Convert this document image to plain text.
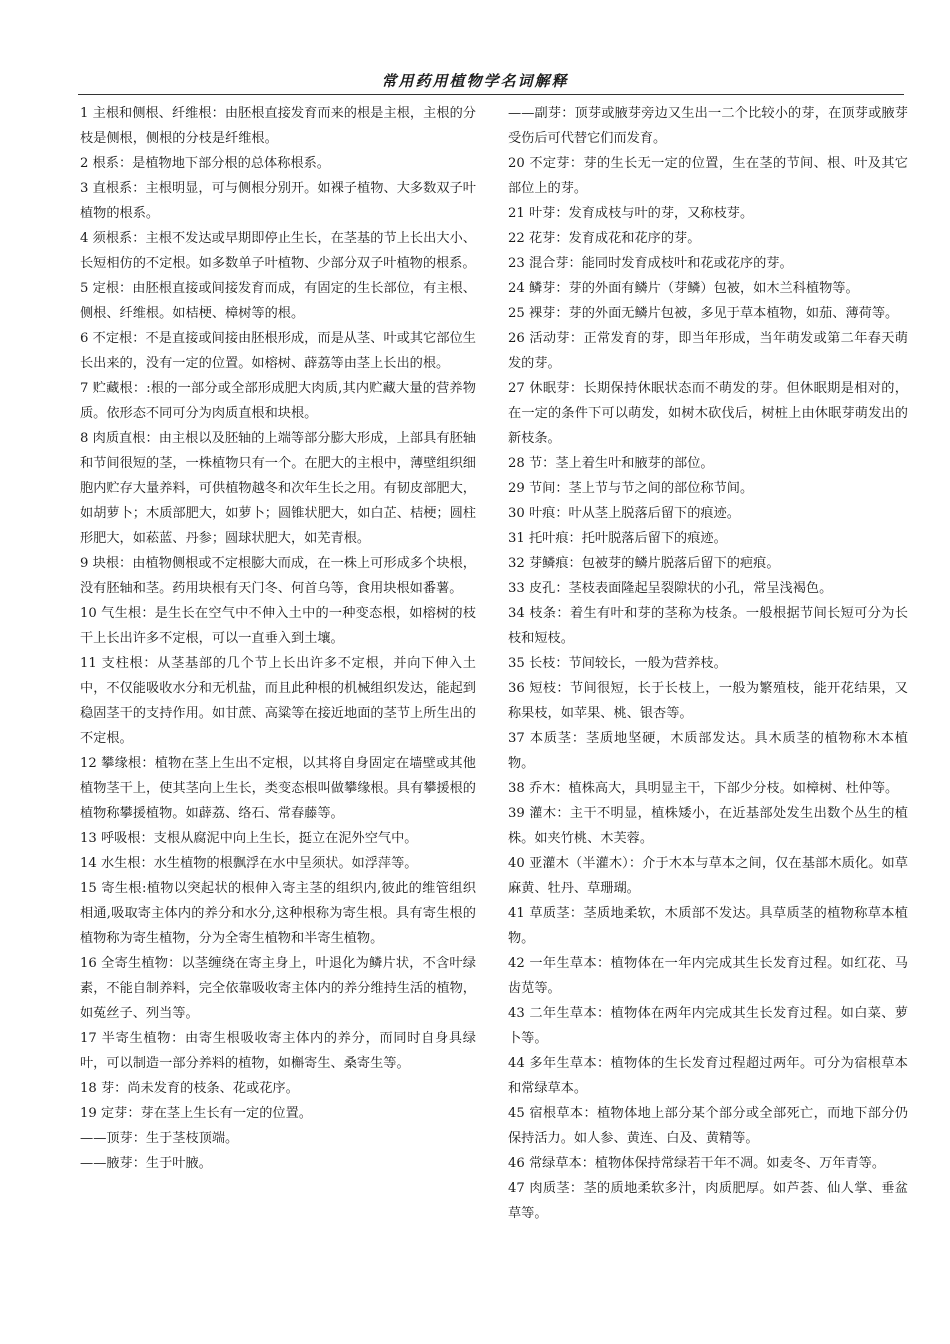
常用药用植物学名词解释

1 主根和侧根、纤维根：由胚根直接发育而来的根是主根，主根的分枝是侧根，侧根的分枝是纤维根。

2 根系：是植物地下部分根的总体称根系。

3 直根系：主根明显，可与侧根分别开。如裸子植物、大多数双子叶植物的根系。

4 须根系：主根不发达或早期即停止生长，在茎基的节上长出大小、长短相仿的不定根。如多数单子叶植物、少部分双子叶植物的根系。

5 定根：由胚根直接或间接发育而成，有固定的生长部位，有主根、侧根、纤维根。如桔梗、樟树等的根。

6 不定根：不是直接或间接由胚根形成，而是从茎、叶或其它部位生长出来的，没有一定的位置。如榕树、薜荔等由茎上长出的根。

7 贮藏根：:根的一部分或全部形成肥大肉质,其内贮藏大量的营养物质。依形态不同可分为肉质直根和块根。

8 肉质直根：由主根以及胚轴的上端等部分膨大形成，上部具有胚轴和节间很短的茎，一株植物只有一个。在肥大的主根中，薄壁组织细胞内贮存大量养料，可供植物越冬和次年生长之用。有韧皮部肥大，如胡萝卜；木质部肥大，如萝卜；圆锥状肥大，如白芷、桔梗；圆柱形肥大，如菘蓝、丹参；圆球状肥大，如芜青根。

9 块根：由植物侧根或不定根膨大而成，在一株上可形成多个块根，没有胚轴和茎。药用块根有天门冬、何首乌等，食用块根如番薯。

10 气生根：是生长在空气中不伸入土中的一种变态根，如榕树的枝干上长出许多不定根，可以一直垂入到土壤。

11 支柱根：从茎基部的几个节上长出许多不定根，并向下伸入土中，不仅能吸收水分和无机盐，而且此种根的机械组织发达，能起到稳固茎干的支持作用。如甘蔗、高粱等在接近地面的茎节上所生出的不定根。

12 攀缘根：植物在茎上生出不定根，以其将自身固定在墙壁或其他植物茎干上，使其茎向上生长，类变态根叫做攀缘根。具有攀援根的植物称攀援植物。如薜荔、络石、常春藤等。

13 呼吸根：支根从腐泥中向上生长，挺立在泥外空气中。

14 水生根：水生植物的根飘浮在水中呈须状。如浮萍等。

15 寄生根:植物以突起状的根伸入寄主茎的组织内,彼此的维管组织相通,吸取寄主体内的养分和水分,这种根称为寄生根。具有寄生根的植物称为寄生植物，分为全寄生植物和半寄生植物。

16 全寄生植物：以茎缠绕在寄主身上，叶退化为鳞片状，不含叶绿素，不能自制养料，完全依靠吸收寄主体内的养分维持生活的植物，如菟丝子、列当等。

17 半寄生植物：由寄生根吸收寄主体内的养分，而同时自身具绿叶，可以制造一部分养料的植物，如槲寄生、桑寄生等。

18 芽：尚未发育的枝条、花或花序。

19 定芽：芽在茎上生长有一定的位置。

——顶芽：生于茎枝顶端。

——腋芽：生于叶腋。

——副芽：顶芽或腋芽旁边又生出一二个比较小的芽，在顶芽或腋芽受伤后可代替它们而发育。

20 不定芽：芽的生长无一定的位置，生在茎的节间、根、叶及其它部位上的芽。

21 叶芽：发育成枝与叶的芽，又称枝芽。

22 花芽：发育成花和花序的芽。

23 混合芽：能同时发育成枝叶和花或花序的芽。

24 鳞芽：芽的外面有鳞片（芽鳞）包被，如木兰科植物等。

25 裸芽：芽的外面无鳞片包被，多见于草本植物，如茄、薄荷等。

26 活动芽：正常发育的芽，即当年形成，当年萌发或第二年春天萌发的芽。

27 休眠芽：长期保持休眠状态而不萌发的芽。但休眠期是相对的，在一定的条件下可以萌发，如树木砍伐后，树桩上由休眠芽萌发出的新枝条。

28 节：茎上着生叶和腋芽的部位。

29 节间：茎上节与节之间的部位称节间。

30 叶痕：叶从茎上脱落后留下的痕迹。

31 托叶痕：托叶脱落后留下的痕迹。

32 芽鳞痕：包被芽的鳞片脱落后留下的疤痕。

33 皮孔：茎枝表面隆起呈裂隙状的小孔，常呈浅褐色。

34 枝条：着生有叶和芽的茎称为枝条。一般根据节间长短可分为长枝和短枝。

35 长枝：节间较长，一般为营养枝。

36 短枝：节间很短，长于长枝上，一般为繁殖枝，能开花结果，又称果枝，如苹果、桃、银杏等。

37 本质茎：茎质地坚硬，木质部发达。具木质茎的植物称木本植物。

38 乔木：植株高大，具明显主干，下部少分枝。如樟树、杜仲等。

39 灌木：主干不明显，植株矮小，在近基部处发生出数个丛生的植株。如夹竹桃、木芙蓉。

40 亚灌木（半灌木）：介于木本与草本之间，仅在基部木质化。如草麻黄、牡丹、草珊瑚。

41 草质茎：茎质地柔软，木质部不发达。具草质茎的植物称草本植物。

42 一年生草本：植物体在一年内完成其生长发育过程。如红花、马齿苋等。

43 二年生草本：植物体在两年内完成其生长发育过程。如白菜、萝卜等。

44 多年生草本：植物体的生长发育过程超过两年。可分为宿根草本和常绿草本。

45 宿根草本：植物体地上部分某个部分或全部死亡，而地下部分仍保持活力。如人参、黄连、白及、黄精等。

46 常绿草本：植物体保持常绿若干年不凋。如麦冬、万年青等。

47 肉质茎：茎的质地柔软多汁，肉质肥厚。如芦荟、仙人掌、垂盆草等。
